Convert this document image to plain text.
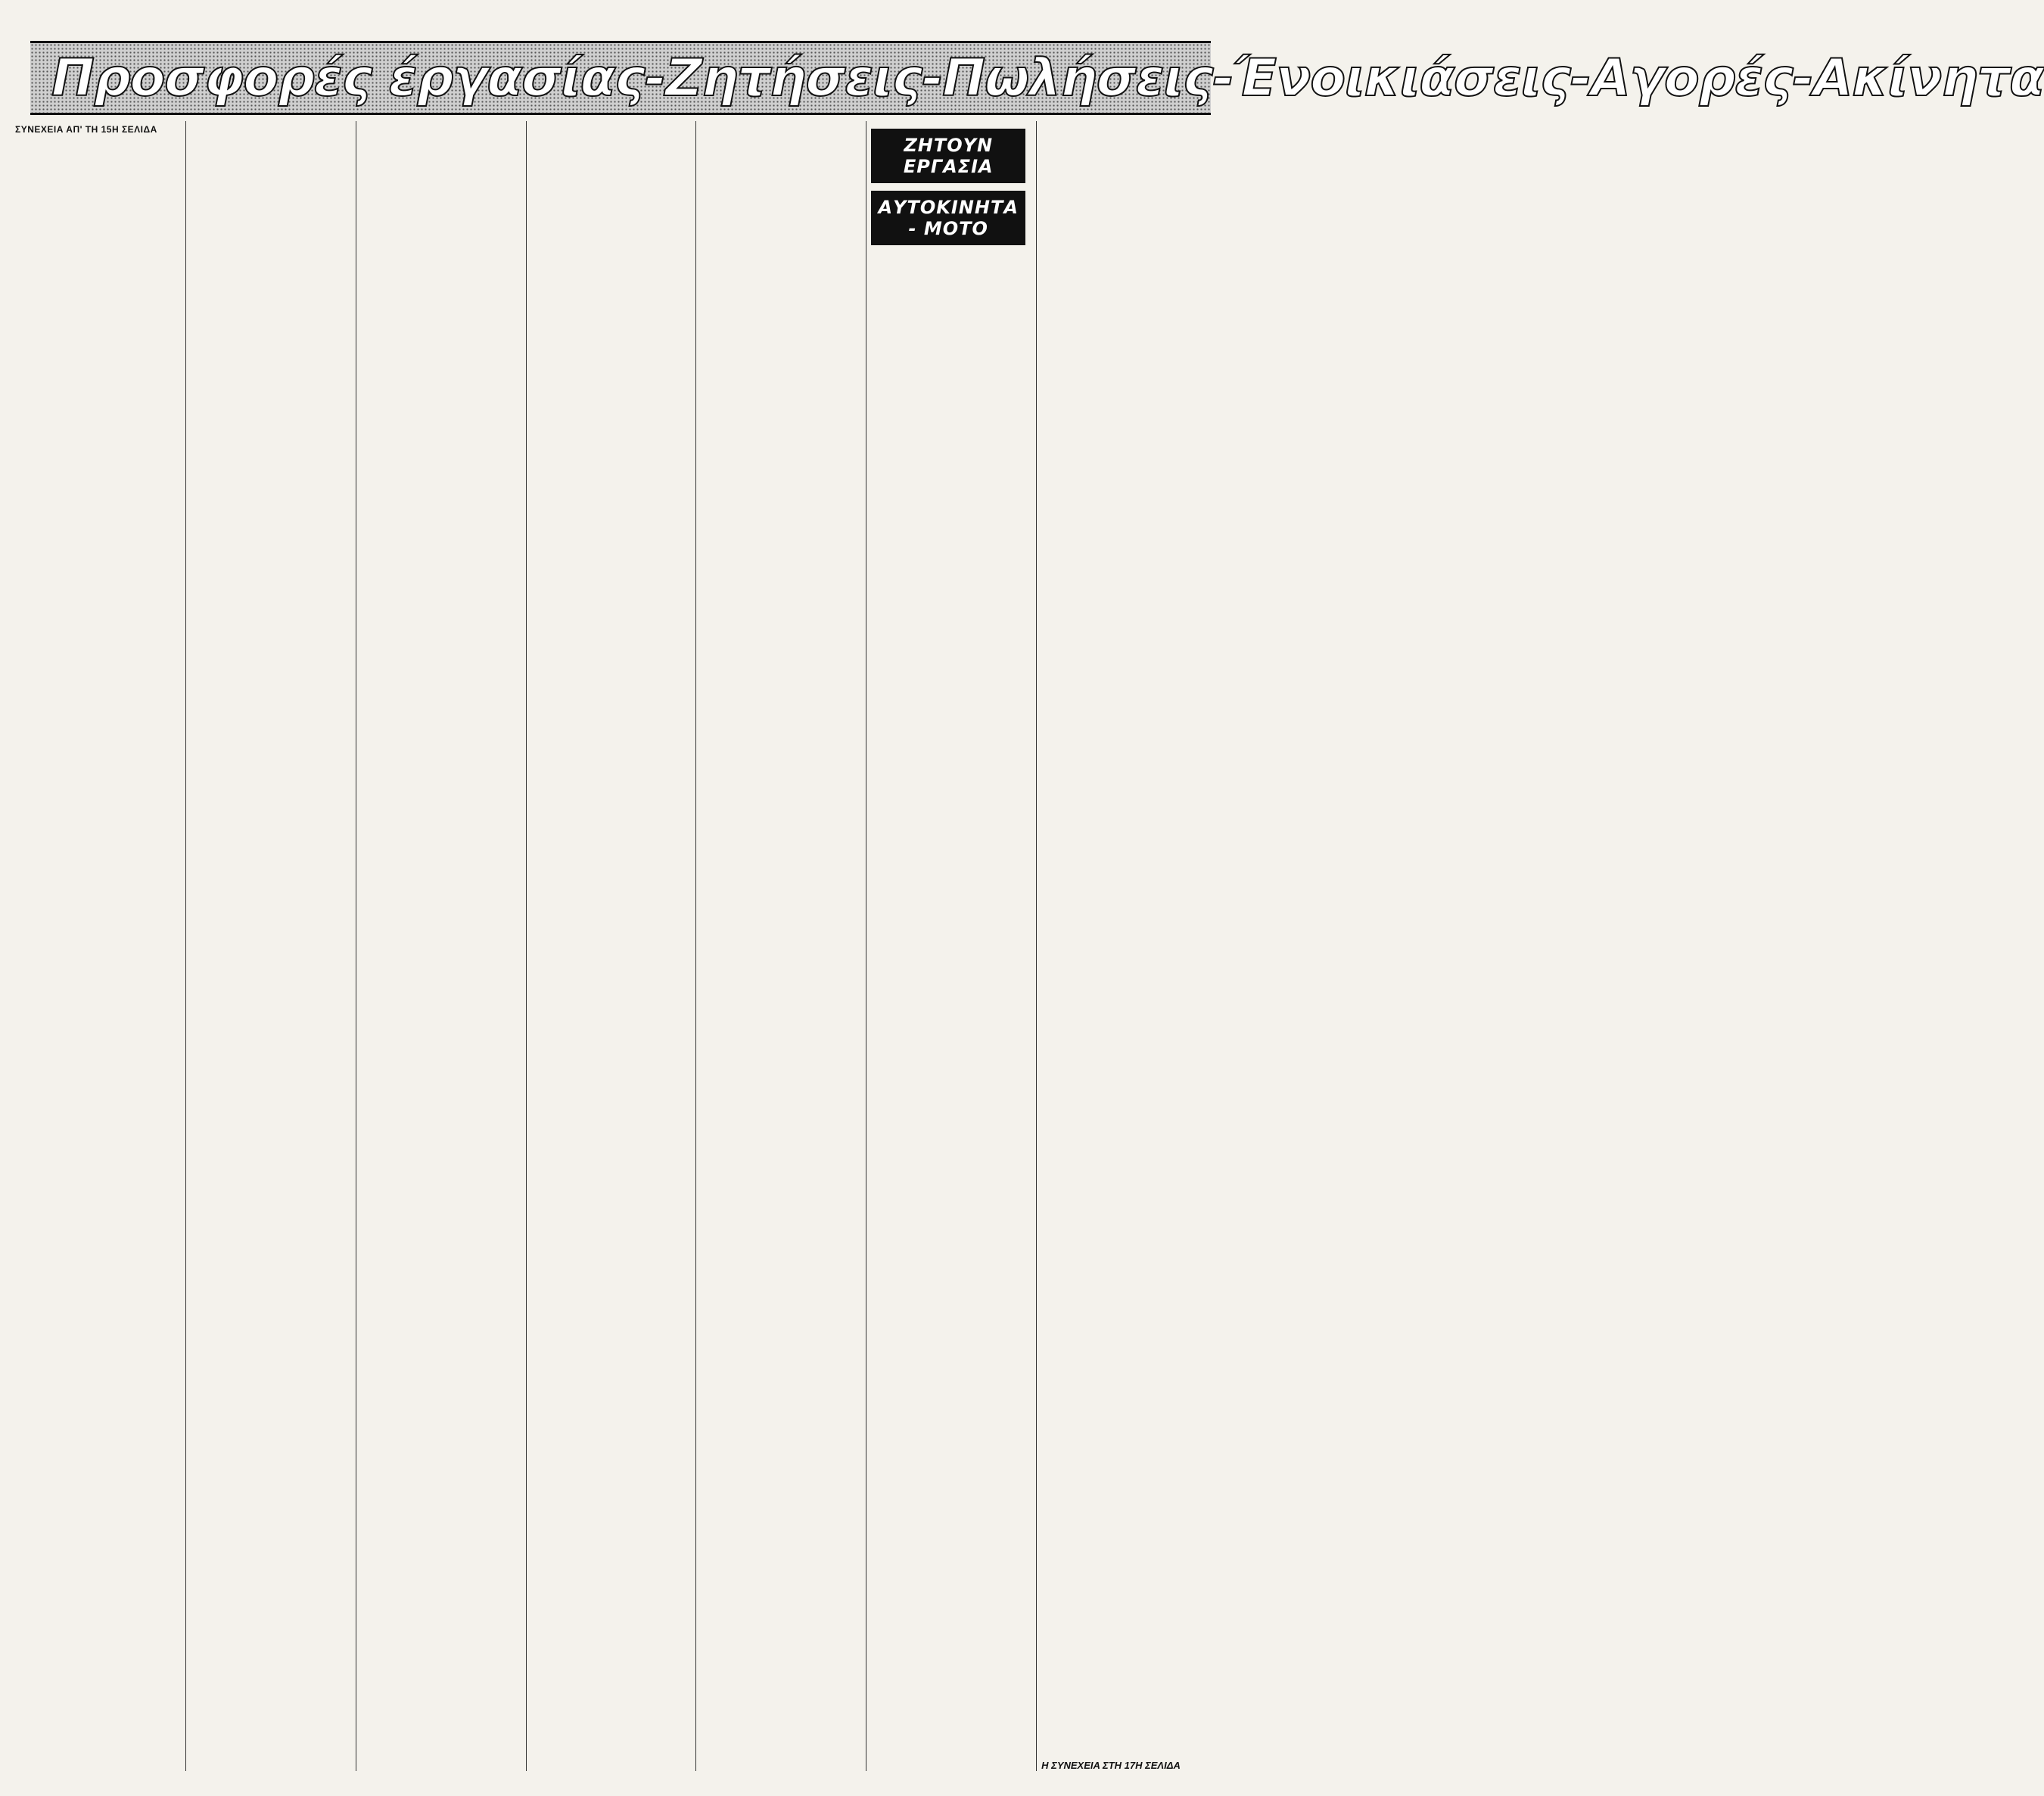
Προσφορές έργασίας-Ζητήσεις-Πωλήσεις-Ένοικιάσεις-Αγορές-Ακίνητα
ΣΥΝΕΧΕΙΑ ΑΠ' ΤΗ 15Η ΣΕΛΙΔΑ
ΖΗΤΟΥΝ ΕΡΓΑΣΙΑ
ΑΥΤΟΚΙΝΗΤΑ - ΜΟΤΟ
Η ΣΥΝΕΧΕΙΑ ΣΤΗ 17Η ΣΕΛΙΔΑ
